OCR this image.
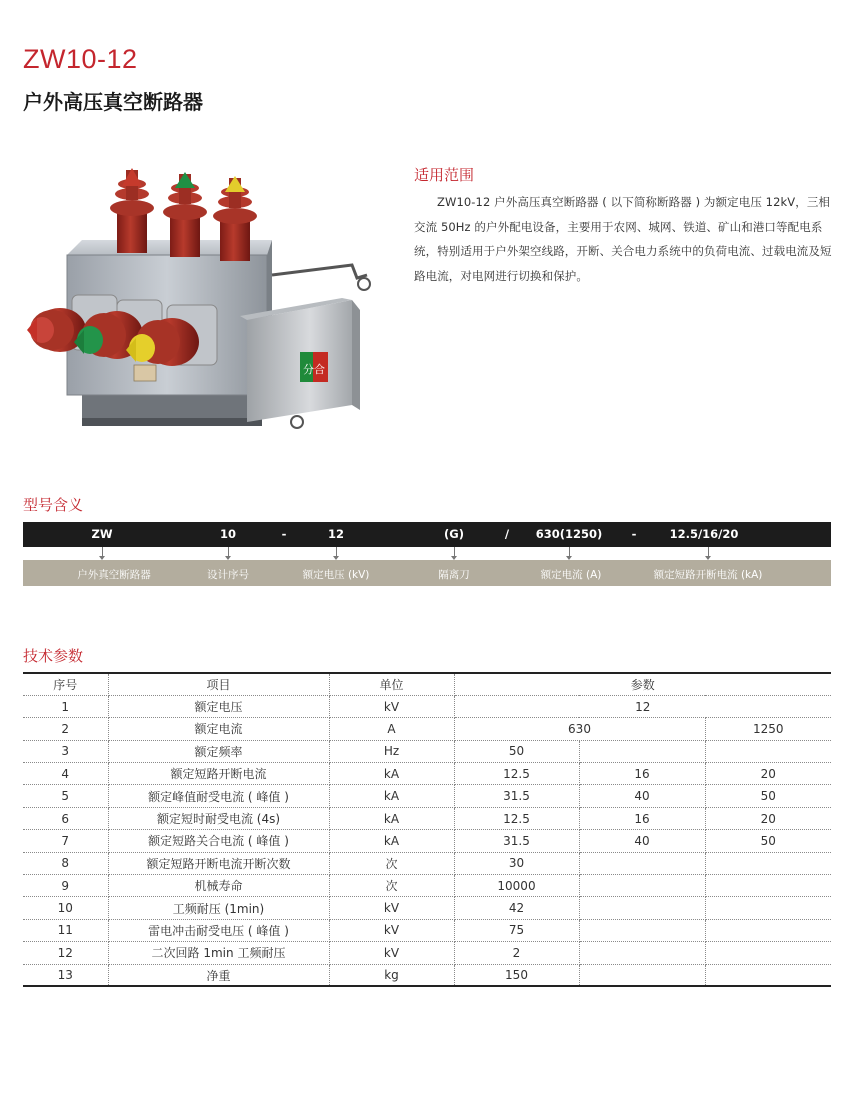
ZW10-12
户外高压真空断路器
分合
适用范围
ZW10-12 户外高压真空断路器 ( 以下简称断路器 ) 为额定电压 12kV，三相交流 50Hz 的户外配电设备，主要用于农网、城网、铁道、矿山和港口等配电系统，特别适用于户外架空线路，开断、关合电力系统中的负荷电流、过载电流及短路电流，对电网进行切换和保护。
型号含义
ZW	10	-	12	(G)	/ 630(1250)	-	12.5/16/20
户外真空断路器	设计序号	额定电压 (kV)	隔离刀	额定电流 (A)	额定短路开断电流 (kA)
技术参数
序号	项目	单位	参数		
1	额定电压	kV	12		
2	额定电流	A	630		1250
3	额定频率	Hz	50		
4	额定短路开断电流	kA	12.5	16	20
5	额定峰值耐受电流 ( 峰值 )	kA	31.5	40	50
6	额定短时耐受电流 (4s)	kA	12.5	16	20
7	额定短路关合电流 ( 峰值 )	kA	31.5	40	50
8	额定短路开断电流开断次数	次	30		
9	机械寿命	次	10000		
10	工频耐压 (1min)	kV	42		
11	雷电冲击耐受电压 ( 峰值 )	kV	75		
12	二次回路 1min 工频耐压	kV	2		
13	净重	kg	150		
